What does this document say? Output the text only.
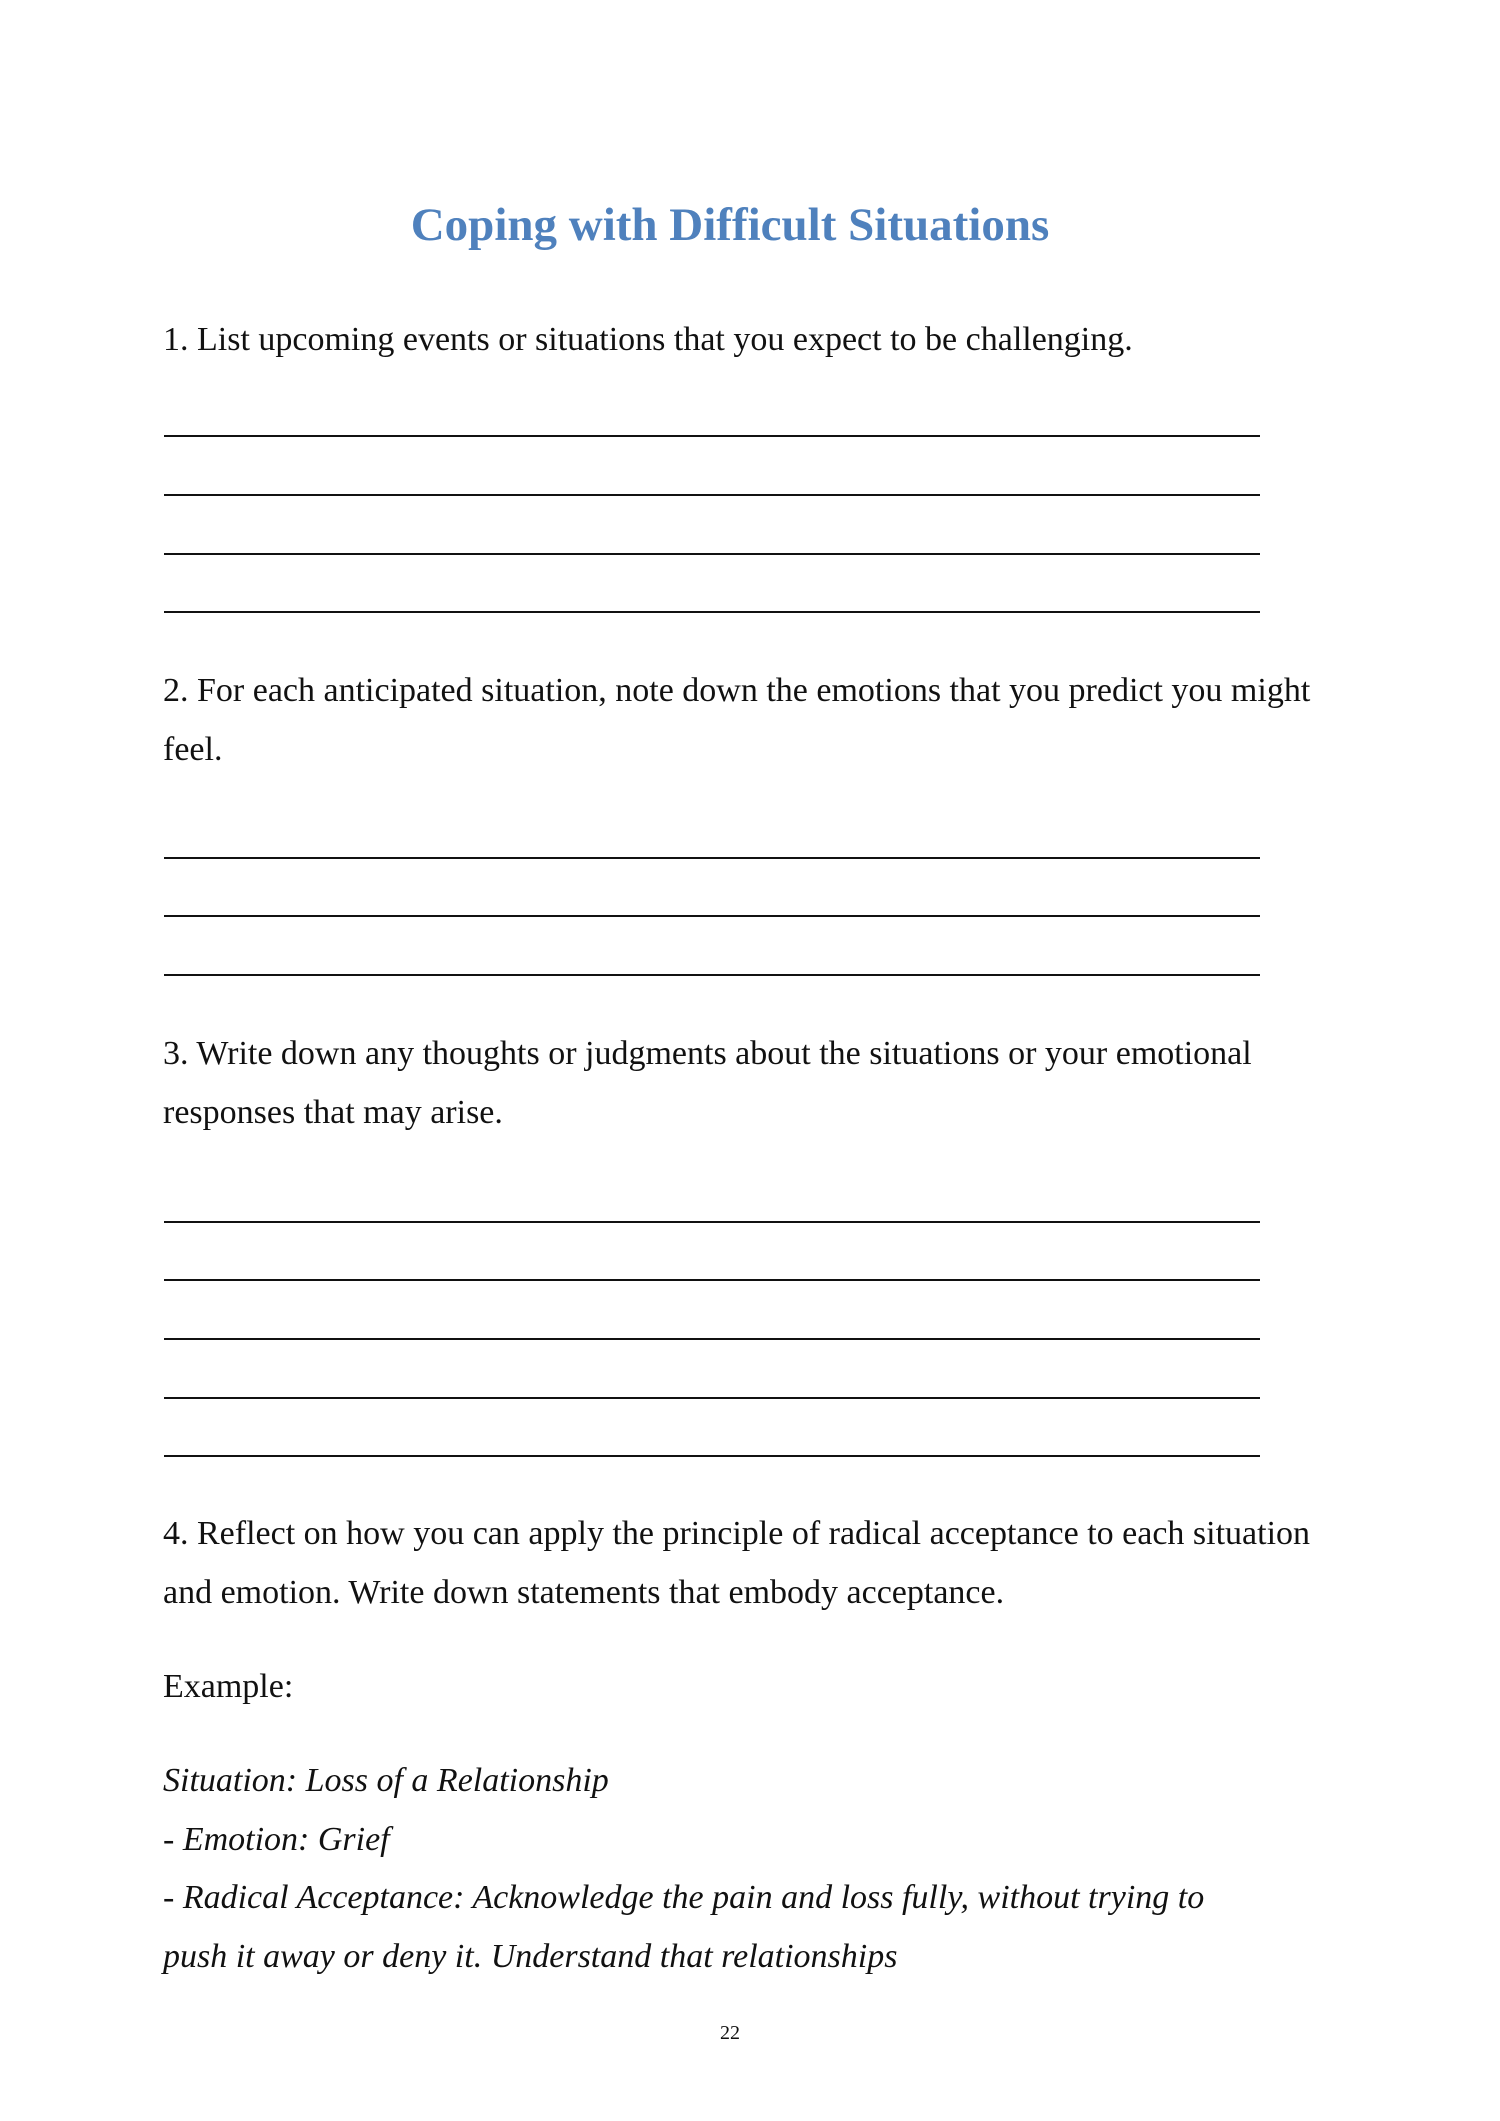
Coping with Difficult Situations
1. List upcoming events or situations that you expect to be challenging.
2. For each anticipated situation, note down the emotions that you predict you might feel.
3. Write down any thoughts or judgments about the situations or your emotional responses that may arise.
4. Reflect on how you can apply the principle of radical acceptance to each situation and emotion. Write down statements that embody acceptance.
Example:
Situation: Loss of a Relationship
- Emotion: Grief
- Radical Acceptance: Acknowledge the pain and loss fully, without trying to push it away or deny it. Understand that relationships
22
